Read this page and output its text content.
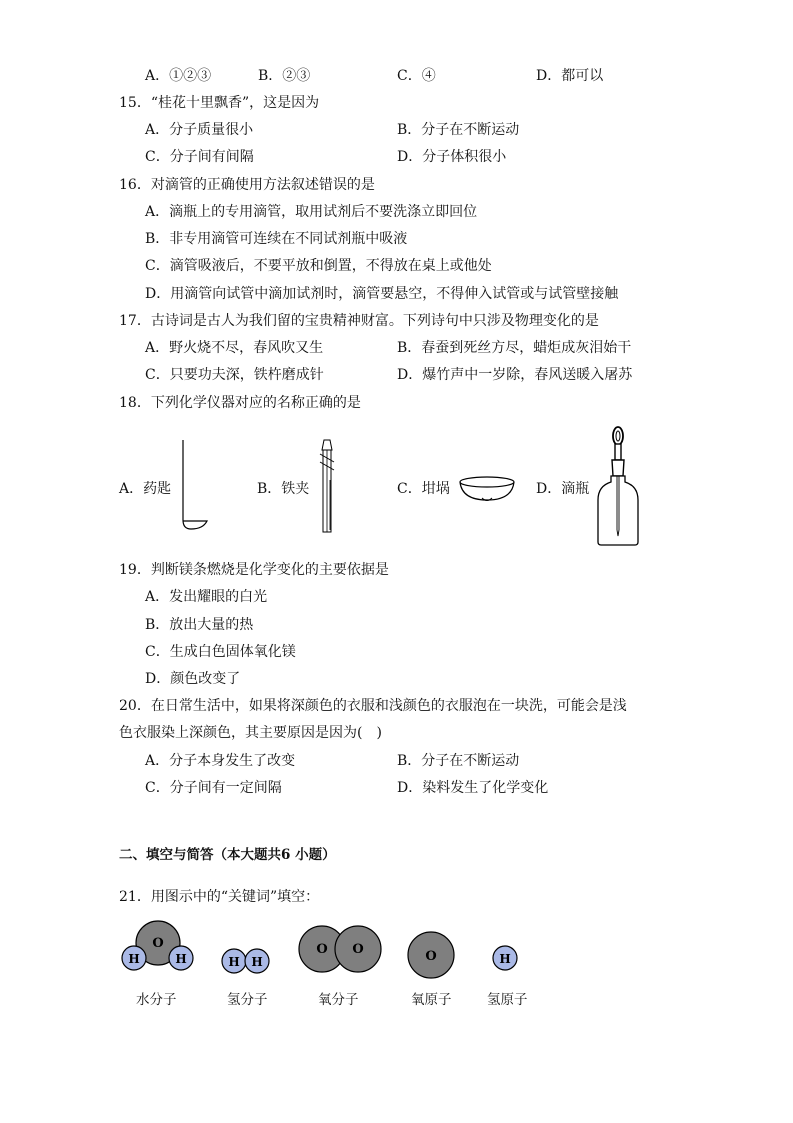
A．①②③	B．②③	C．④	D．都可以
15．“桂花十里飘香”，这是因为
A．分子质量很小	B．分子在不断运动
C．分子间有间隔	D．分子体积很小
16．对滴管的正确使用方法叙述错误的是
A．滴瓶上的专用滴管，取用试剂后不要洗涤立即回位
B．非专用滴管可连续在不同试剂瓶中吸液
C．滴管吸液后，不要平放和倒置，不得放在桌上或他处
D．用滴管向试管中滴加试剂时，滴管要悬空，不得伸入试管或与试管壁接触
17．古诗词是古人为我们留的宝贵精神财富。下列诗句中只涉及物理变化的是
A．野火烧不尽，春风吹又生	B．春蚕到死丝方尽，蜡炬成灰泪始干
C．只要功夫深，铁杵磨成针	D．爆竹声中一岁除，春风送暖入屠苏
18．下列化学仪器对应的名称正确的是
A．药匙	B．铁夹	C．坩埚	D．滴瓶
19．判断镁条燃烧是化学变化的主要依据是
A．发出耀眼的白光
B．放出大量的热
C．生成白色固体氧化镁
D．颜色改变了
20．在日常生活中，如果将深颜色的衣服和浅颜色的衣服泡在一块洗，可能会是浅
色衣服染上深颜色，其主要原因是因为(　)
A．分子本身发生了改变	B．分子在不断运动
C．分子间有一定间隔	D．染料发生了化学变化
二、填空与简答（本大题共6 小题）
21．用图示中的“关键词”填空：
O
H	H	H H
O O	O	H
水分子	氢分子	氧分子	氧原子	氢原子
